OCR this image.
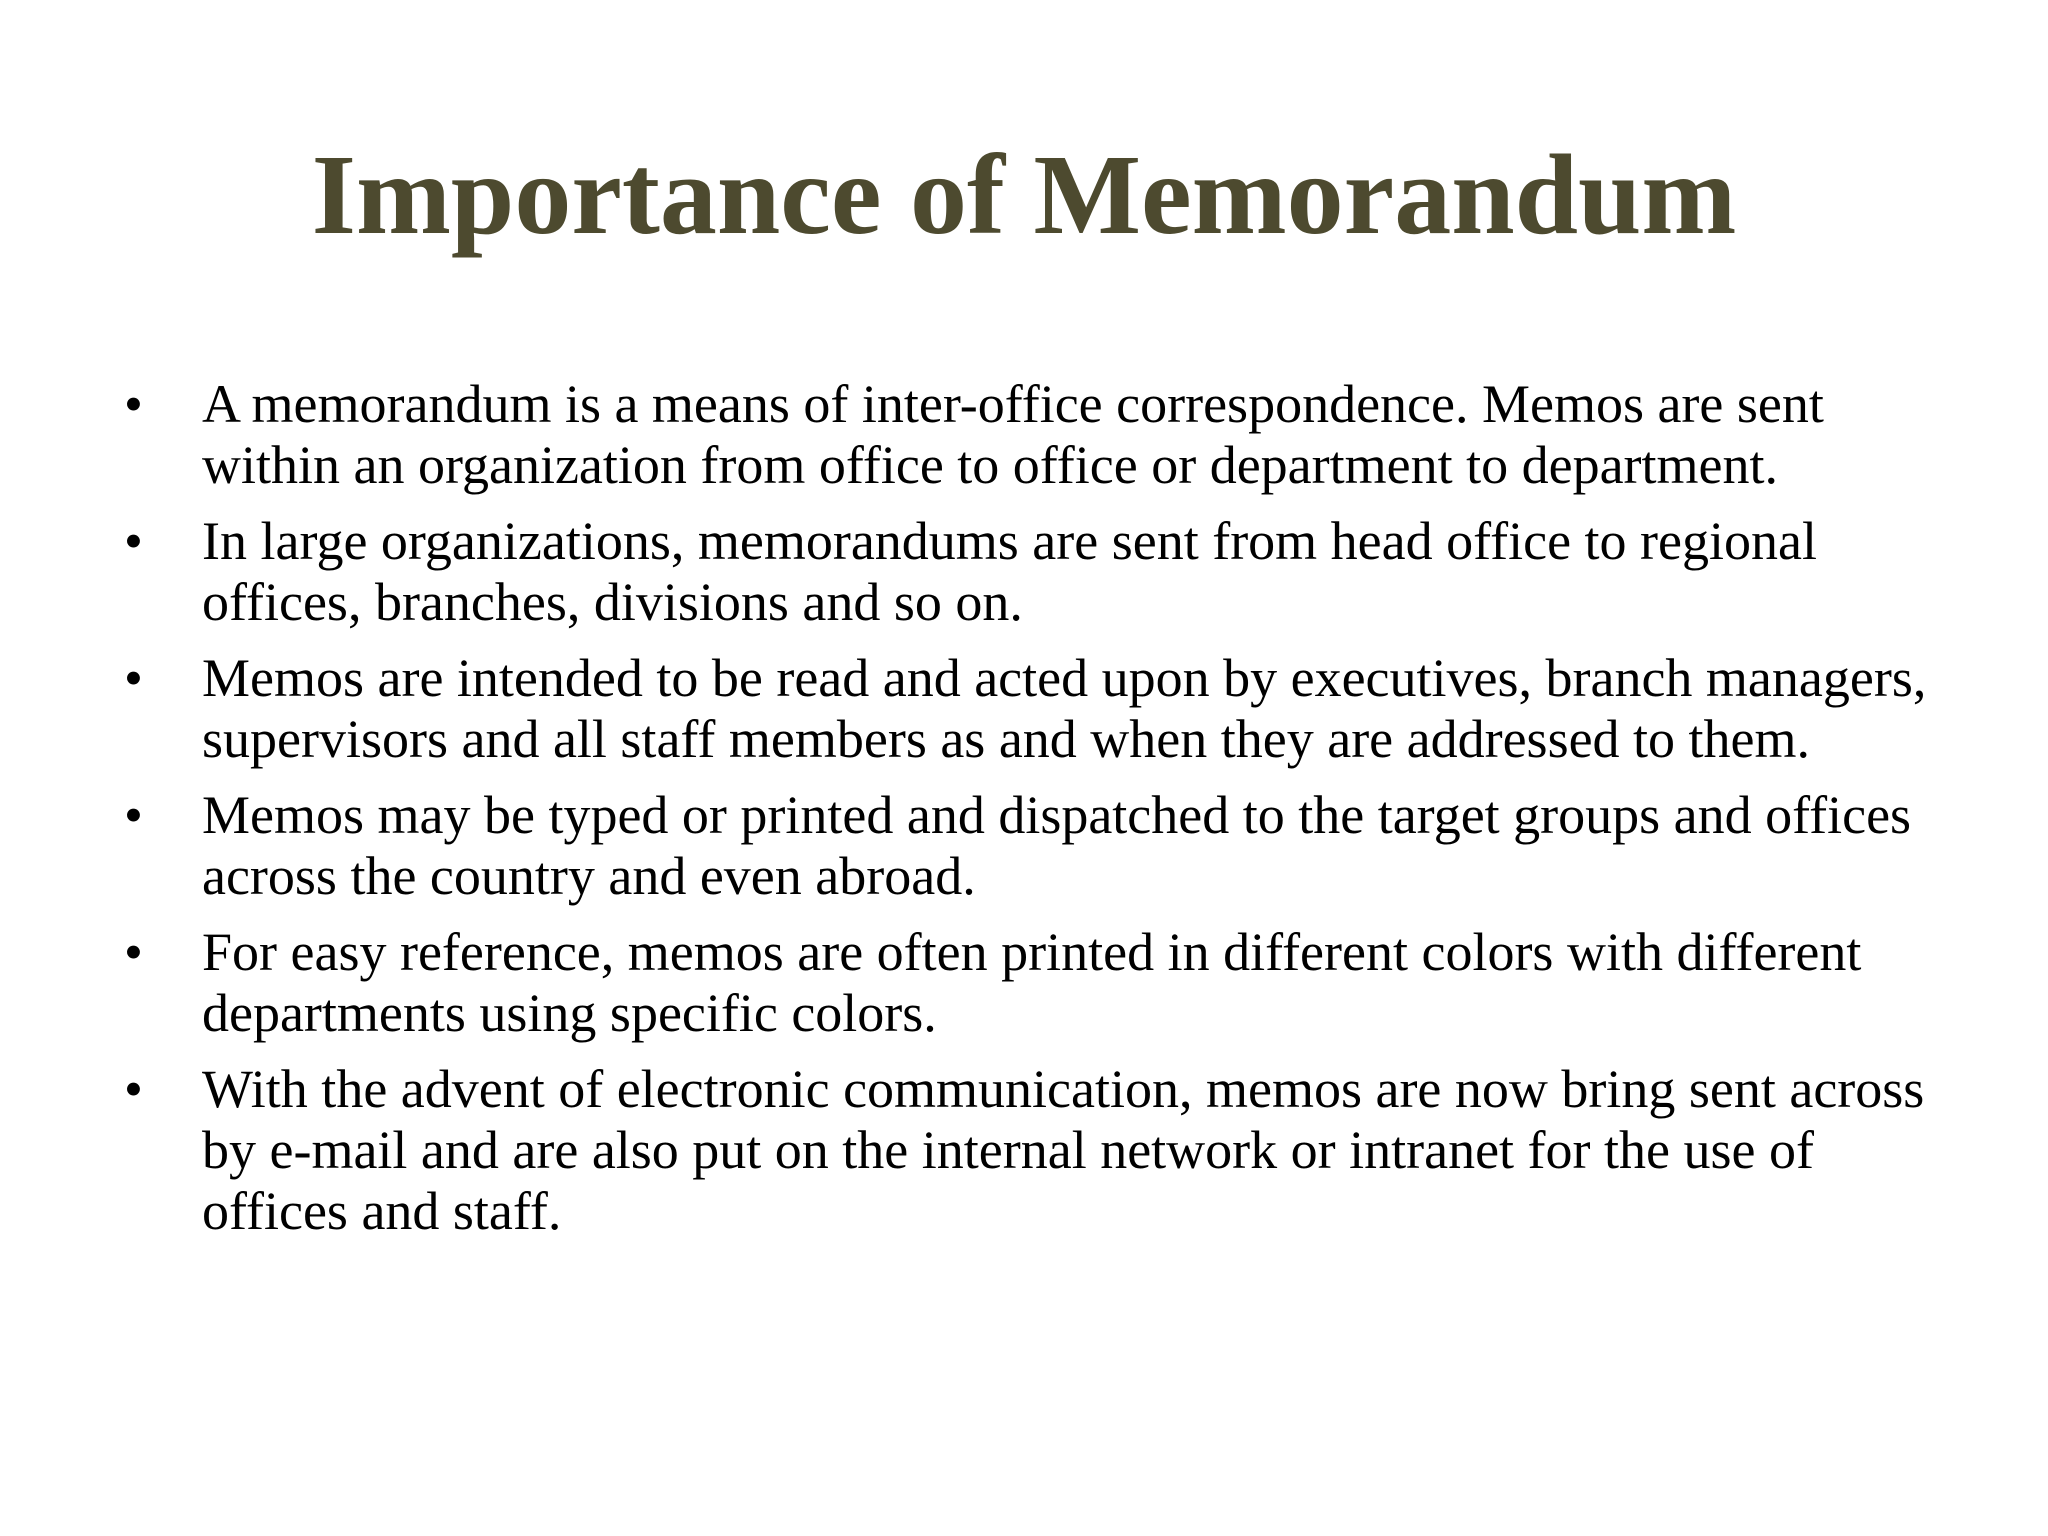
Importance of Memorandum
•	A memorandum is a means of inter-office correspondence. Memos are sent within an organization from office to office or department to department.
•	In large organizations, memorandums are sent from head office to regional offices, branches, divisions and so on.
•	Memos are intended to be read and acted upon by executives, branch managers, supervisors and all staff members as and when they are addressed to them.
•	Memos may be typed or printed and dispatched to the target groups and offices across the country and even abroad.
•	For easy reference, memos are often printed in different colors with different departments using specific colors.
•	With the advent of electronic communication, memos are now bring sent across by e-mail and are also put on the internal network or intranet for the use of offices and staff.
